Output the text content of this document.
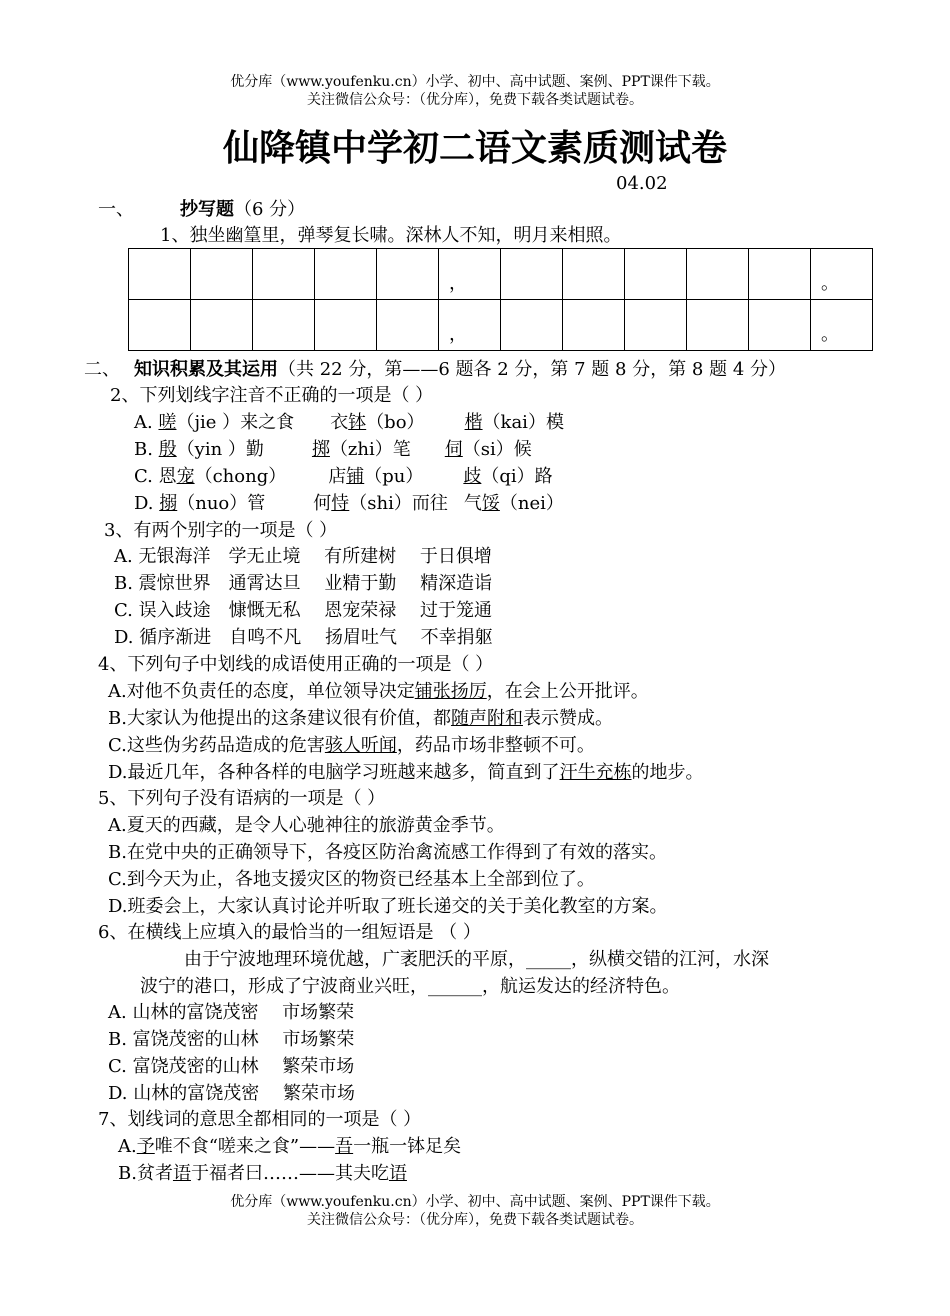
优分库（www.youfenku.cn）小学、初中、高中试题、案例、PPT课件下载。
关注微信公众号：（优分库），免费下载各类试题试卷。
仙降镇中学初二语文素质测试卷
04.02
一、	抄写题（6 分）
1、独坐幽篁里，弹琴复长啸。深林人不知，明月来相照。
					，						。
					，						。
二、 知识积累及其运用（共 22 分，第——6 题各 2 分，第 7 题 8 分，第 8 题 4 分）
2、下列划线字注音不正确的一项是（ ）
A. 嗟（jie ）来之食 衣钵（bo） 楷（kai）模
B. 殷（yin ）勤	掷（zhi）笔 伺（si）候
C. 恩宠（chong） 店铺（pu） 歧（qi）路
D. 搦（nuo）管	何恃（shi）而往 气馁（nei）
3、有两个别字的一项是（ ）
A. 无银海洋　学无止境　 有所建树　 于日俱增
B. 震惊世界　通霄达旦　 业精于勤　 精深造诣
C. 误入歧途　慷慨无私　 恩宠荣禄　 过于笼通
D. 循序渐进　自鸣不凡　 扬眉吐气　 不幸捐躯
4、下列句子中划线的成语使用正确的一项是（ ）
A.对他不负责任的态度，单位领导决定铺张扬厉，在会上公开批评。
B.大家认为他提出的这条建议很有价值，都随声附和表示赞成。
C.这些伪劣药品造成的危害骇人听闻，药品市场非整顿不可。
D.最近几年，各种各样的电脑学习班越来越多，简直到了汗牛充栋的地步。
5、下列句子没有语病的一项是（ ）
A.夏天的西藏，是令人心驰神往的旅游黄金季节。
B.在党中央的正确领导下，各疫区防治禽流感工作得到了有效的落实。
C.到今天为止，各地支援灾区的物资已经基本上全部到位了。
D.班委会上，大家认真讨论并听取了班长递交的关于美化教室的方案。
6、在横线上应填入的最恰当的一组短语是 （ ）
由于宁波地理环境优越，广袤肥沃的平原，_____，纵横交错的江河，水深
波宁的港口，形成了宁波商业兴旺，______，航运发达的经济特色。
A. 山林的富饶茂密　 市场繁荣
B. 富饶茂密的山林　 市场繁荣
C. 富饶茂密的山林　 繁荣市场
D. 山林的富饶茂密　 繁荣市场
7、划线词的意思全都相同的一项是（ ）
A.予唯不食“嗟来之食”——吾一瓶一钵足矣
B.贫者语于福者曰……——其夫吃语
优分库（www.youfenku.cn）小学、初中、高中试题、案例、PPT课件下载。
关注微信公众号：（优分库），免费下载各类试题试卷。
